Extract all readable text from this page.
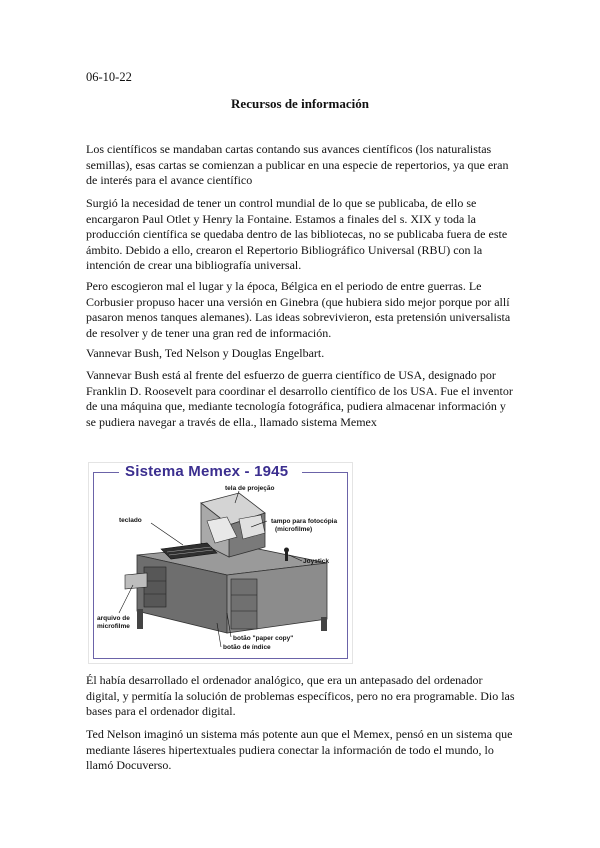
06-10-22
Recursos de información

Los científicos se mandaban cartas contando sus avances científicos (los naturalistas semillas), esas cartas se comienzan a publicar en una especie de repertorios, ya que eran de interés para el avance científico

Surgió la necesidad de tener un control mundial de lo que se publicaba, de ello se encargaron Paul Otlet y Henry la Fontaine. Estamos a finales del s. XIX y toda la producción científica se quedaba dentro de las bibliotecas, no se publicaba fuera de este ámbito. Debido a ello, crearon el Repertorio Bibliográfico Universal (RBU) con la intención de crear una bibliografía universal.

Pero escogieron mal el lugar y la época, Bélgica en el periodo de entre guerras. Le Corbusier propuso hacer una versión en Ginebra (que hubiera sido mejor porque por allí pasaron menos tanques alemanes). Las ideas sobrevivieron, esta pretensión universalista de resolver y de tener una gran red de información.

Vannevar Bush, Ted Nelson y Douglas Engelbart.

Vannevar Bush está al frente del esfuerzo de guerra científico de USA, designado por Franklin D. Roosevelt para coordinar el desarrollo científico de los USA. Fue el inventor de una máquina que, mediante tecnología fotográfica, pudiera almacenar información y se pudiera navegar a través de ella., llamado sistema Memex

Sistema Memex - 1945
tela de projeção
teclado	tampo para fotocópia
(microfilme)
Joystick
arquivo de
microfilme
botão "paper copy"
botão de índice

Él había desarrollado el ordenador analógico, que era un antepasado del ordenador digital, y permitía la solución de problemas específicos, pero no era programable. Dio las bases para el ordenador digital.

Ted Nelson imaginó un sistema más potente aun que el Memex, pensó en un sistema que mediante láseres hipertextuales pudiera conectar la información de todo el mundo, lo llamó Docuverso.
